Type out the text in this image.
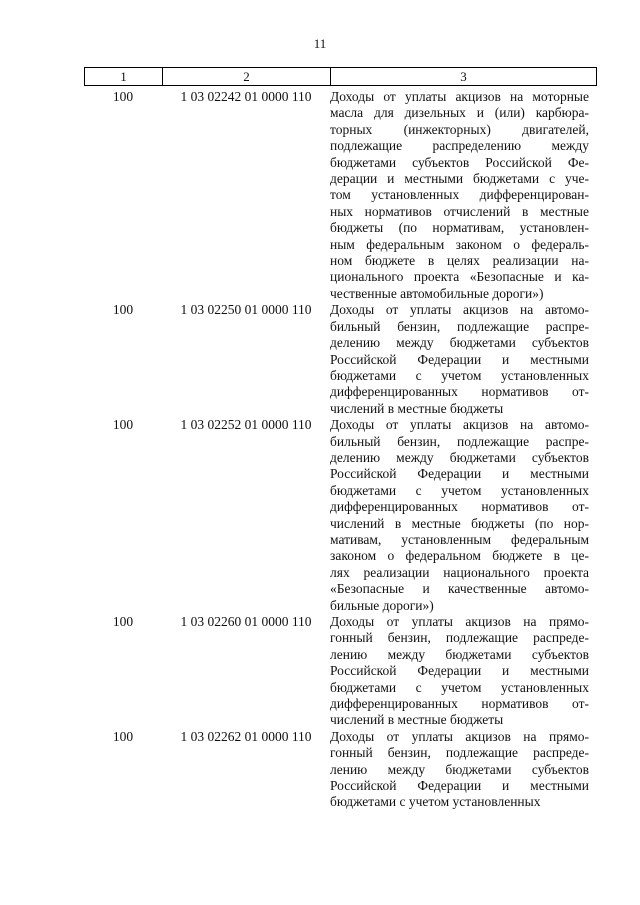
11
1	2	3
100	1 03 02242 01 0000 110	Доходы от уплаты акцизов на моторные
масла для дизельных и (или) карбюра-
торных (инжекторных) двигателей,
подлежащие распределению между
бюджетами субъектов Российской Фе-
дерации и местными бюджетами с уче-
том установленных дифференцирован-
ных нормативов отчислений в местные
бюджеты (по нормативам, установлен-
ным федеральным законом о федераль-
ном бюджете в целях реализации на-
ционального проекта «Безопасные и ка-
чественные автомобильные дороги»)
100	1 03 02250 01 0000 110	Доходы от уплаты акцизов на автомо-
бильный бензин, подлежащие распре-
делению между бюджетами субъектов
Российской Федерации и местными
бюджетами с учетом установленных
дифференцированных нормативов от-
числений в местные бюджеты
100	1 03 02252 01 0000 110	Доходы от уплаты акцизов на автомо-
бильный бензин, подлежащие распре-
делению между бюджетами субъектов
Российской Федерации и местными
бюджетами с учетом установленных
дифференцированных нормативов от-
числений в местные бюджеты (по нор-
мативам, установленным федеральным
законом о федеральном бюджете в це-
лях реализации национального проекта
«Безопасные и качественные автомо-
бильные дороги»)
100	1 03 02260 01 0000 110	Доходы от уплаты акцизов на прямо-
гонный бензин, подлежащие распреде-
лению между бюджетами субъектов
Российской Федерации и местными
бюджетами с учетом установленных
дифференцированных нормативов от-
числений в местные бюджеты
100	1 03 02262 01 0000 110	Доходы от уплаты акцизов на прямо-
гонный бензин, подлежащие распреде-
лению между бюджетами субъектов
Российской Федерации и местными
бюджетами с учетом установленных
